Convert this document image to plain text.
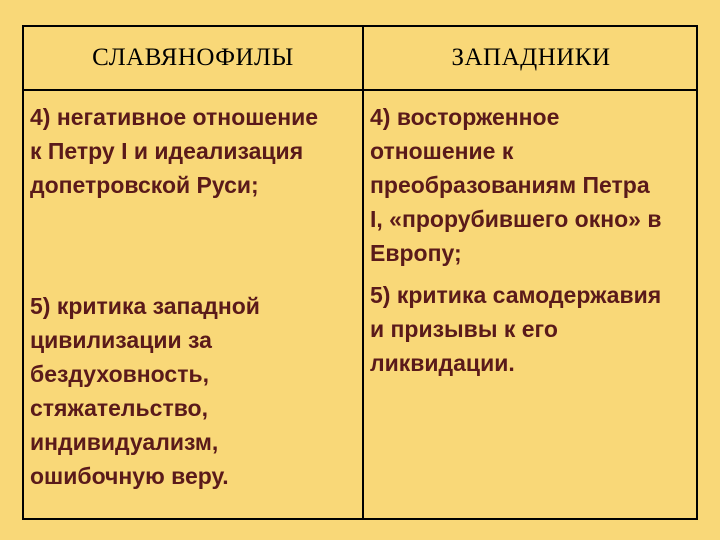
СЛАВЯНОФИЛЫ	ЗАПАДНИКИ

4) негативное отношение
к Петру I и идеализация
допетровской Руси;

5) критика западной
цивилизации за
бездуховность,
стяжательство,
индивидуализм,
ошибочную веру.

4) восторженное
отношение к
преобразованиям Петра
I, «прорубившего окно» в
Европу;

5) критика самодержавия
и призывы к его
ликвидации.
